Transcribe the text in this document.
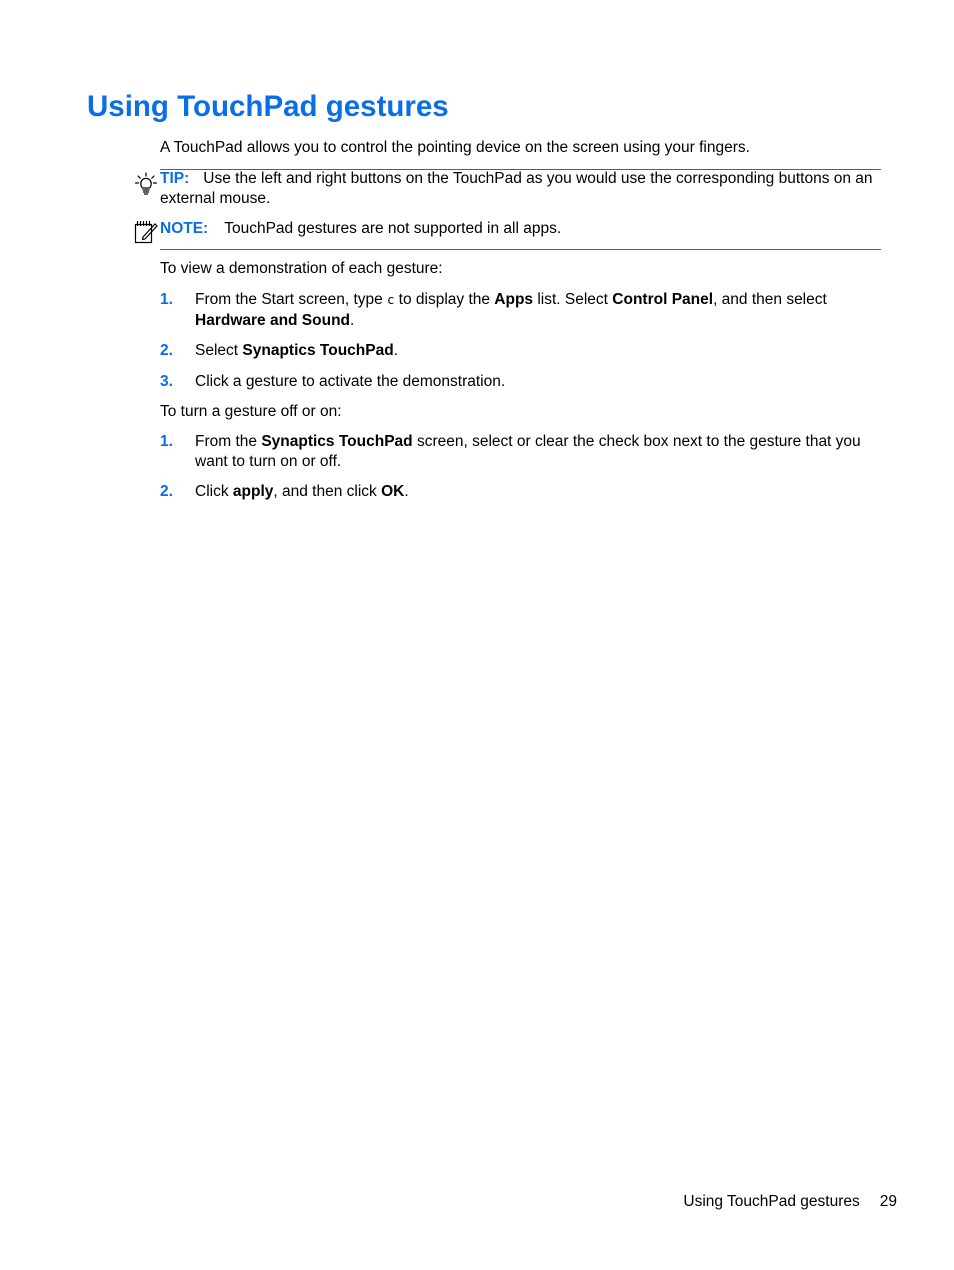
Using TouchPad gestures

A TouchPad allows you to control the pointing device on the screen using your fingers.

TIP: Use the left and right buttons on the TouchPad as you would use the corresponding buttons on an external mouse.

NOTE: TouchPad gestures are not supported in all apps.

To view a demonstration of each gesture:

1. From the Start screen, type c to display the Apps list. Select Control Panel, and then select Hardware and Sound.
2. Select Synaptics TouchPad.
3. Click a gesture to activate the demonstration.

To turn a gesture off or on:

1. From the Synaptics TouchPad screen, select or clear the check box next to the gesture that you want to turn on or off.
2. Click apply, and then click OK.
Using TouchPad gestures 29
